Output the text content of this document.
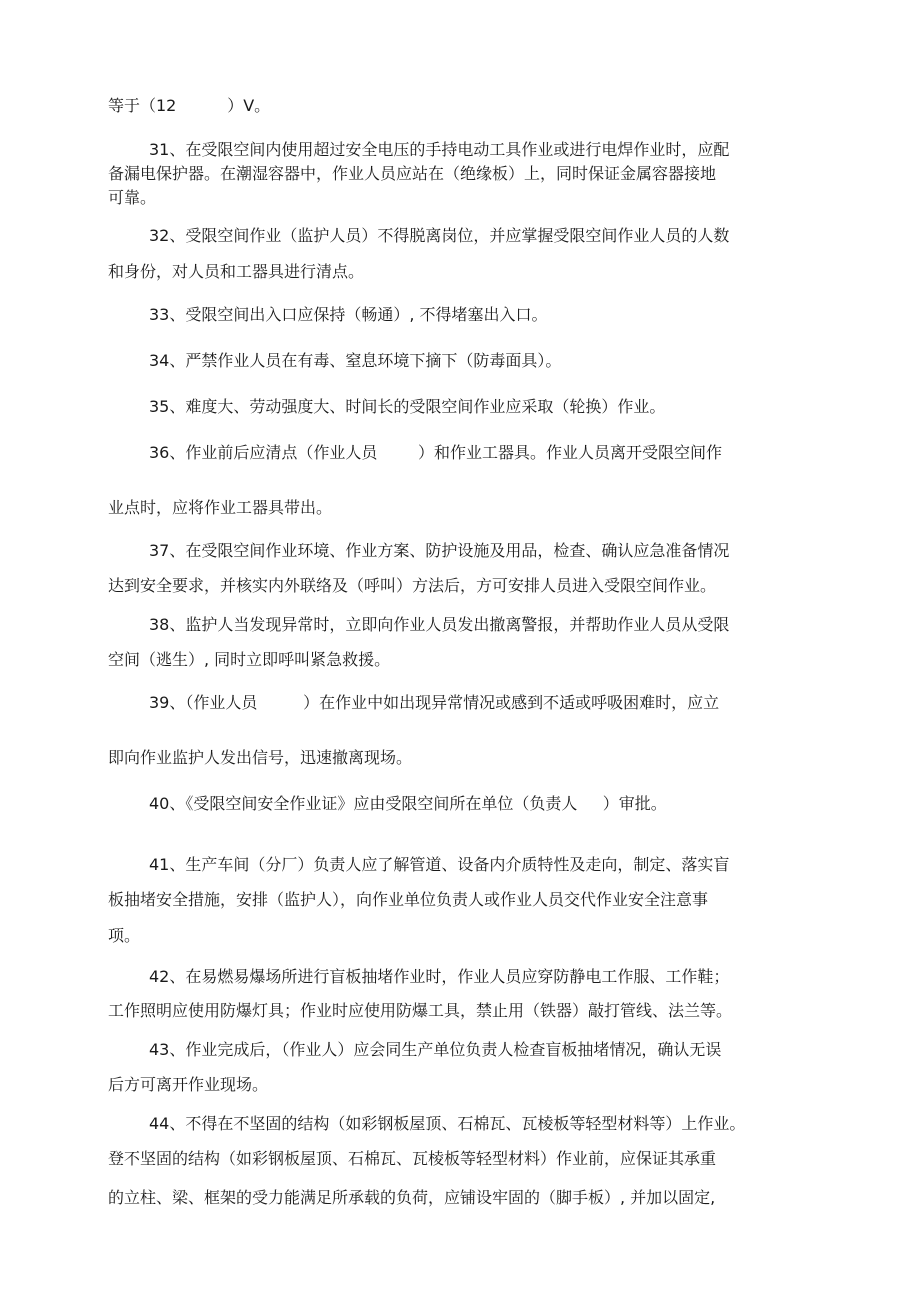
等于（12          ）V。
31、在受限空间内使用超过安全电压的手持电动工具作业或进行电焊作业时，应配
备漏电保护器。在潮湿容器中，作业人员应站在（绝缘板）上，同时保证金属容器接地
可靠。
32、受限空间作业（监护人员）不得脱离岗位，并应掌握受限空间作业人员的人数
和身份，对人员和工器具进行清点。
33、受限空间出入口应保持（畅通）, 不得堵塞出入口。
34、严禁作业人员在有毒、窒息环境下摘下（防毒面具）。
35、难度大、劳动强度大、时间长的受限空间作业应采取（轮换）作业。
36、作业前后应清点（作业人员        ）和作业工器具。作业人员离开受限空间作
业点时，应将作业工器具带出。
37、在受限空间作业环境、作业方案、防护设施及用品，检查、确认应急准备情况
达到安全要求，并核实内外联络及（呼叫）方法后，方可安排人员进入受限空间作业。
38、监护人当发现异常时，立即向作业人员发出撤离警报，并帮助作业人员从受限
空间（逃生）, 同时立即呼叫紧急救援。
39、（作业人员         ）在作业中如出现异常情况或感到不适或呼吸困难时，应立
即向作业监护人发出信号，迅速撤离现场。
40、《受限空间安全作业证》应由受限空间所在单位（负责人     ）审批。
41、生产车间（分厂）负责人应了解管道、设备内介质特性及走向，制定、落实盲
板抽堵安全措施，安排（监护人），向作业单位负责人或作业人员交代作业安全注意事
项。
42、在易燃易爆场所进行盲板抽堵作业时，作业人员应穿防静电工作服、工作鞋；
工作照明应使用防爆灯具；作业时应使用防爆工具，禁止用（铁器）敲打管线、法兰等。
43、作业完成后，（作业人）应会同生产单位负责人检查盲板抽堵情况，确认无误
后方可离开作业现场。
44、不得在不坚固的结构（如彩钢板屋顶、石棉瓦、瓦棱板等轻型材料等）上作业。
登不坚固的结构（如彩钢板屋顶、石棉瓦、瓦棱板等轻型材料）作业前，应保证其承重
的立柱、梁、框架的受力能满足所承载的负荷，应铺设牢固的（脚手板）, 并加以固定,
